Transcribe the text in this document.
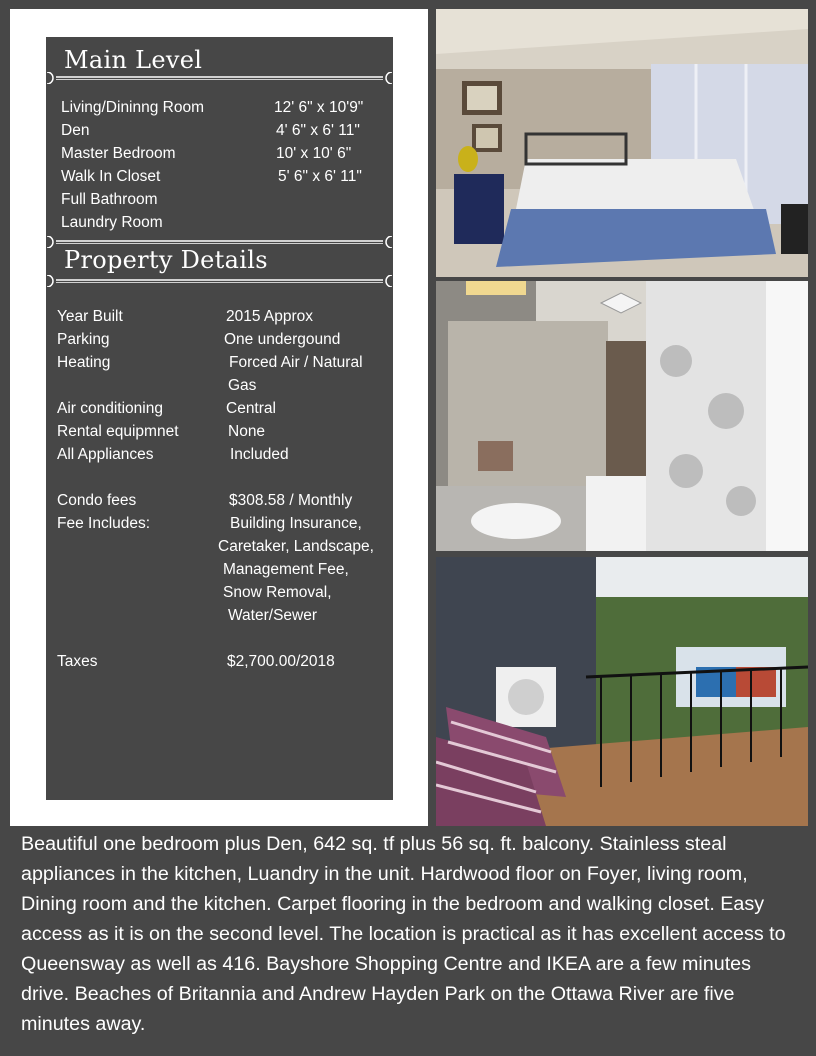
Main Level
Living/Dininng Room	12' 6" x 10'9"
Den	4' 6" x 6' 11"
Master Bedroom	10' x 10' 6"
Walk In Closet	5' 6" x 6' 11"
Full Bathroom
Laundry Room
Property Details
Year Built	2015 Approx
Parking	One undergound
Heating	Forced Air / Natural
Gas
Air conditioning	Central
Rental equipmnet	None
All Appliances	Included
Condo fees	$308.58 / Monthly
Fee Includes:	Building Insurance,
Caretaker, Landscape,
Management Fee,
Snow Removal,
Water/Sewer
Taxes	$2,700.00/2018
Beautiful one bedroom plus Den, 642 sq. tf plus 56 sq. ft. balcony. Stainless steal appliances in the kitchen, Luandry in the unit. Hardwood floor on Foyer, living room, Dining room and the kitchen. Carpet flooring in the bedroom and walking closet. Easy access as it is on the second level. The location is practical as it has excellent access to Queensway as well as 416. Bayshore Shopping Centre and IKEA are a few minutes drive. Beaches of Britannia and Andrew Hayden Park on the Ottawa River are five minutes away.
